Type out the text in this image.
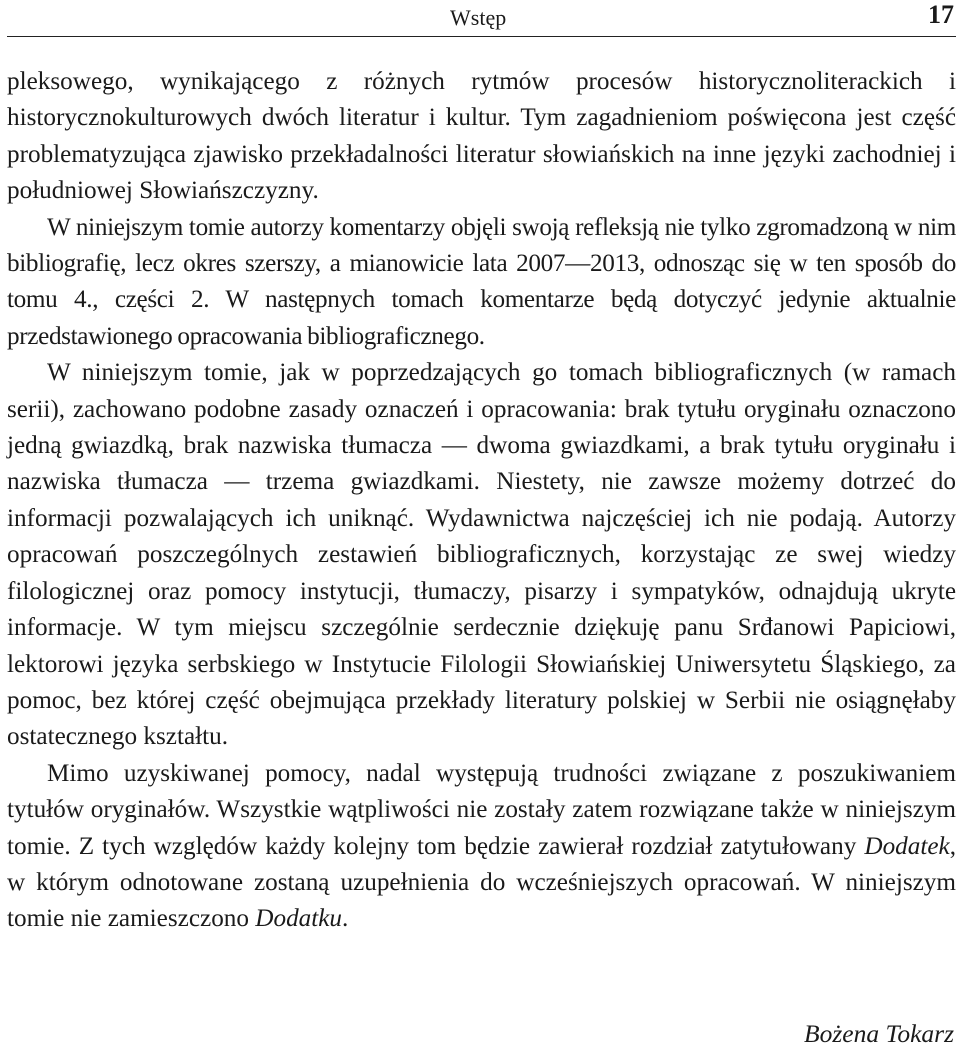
Wstęp	17

pleksowego, wynikającego z różnych rytmów procesów historycznoliterackich i historycznokulturowych dwóch literatur i kultur. Tym zagadnieniom poświęcona jest część problematyzująca zjawisko przekładalności literatur słowiańskich na inne języki zachodniej i południowej Słowiańszczyzny.

W niniejszym tomie autorzy komentarzy objęli swoją refleksją nie tylko zgromadzoną w nim bibliografię, lecz okres szerszy, a mianowicie lata 2007—2013, odnosząc się w ten sposób do tomu 4., części 2. W następnych tomach komentarze będą dotyczyć jedynie aktualnie przedstawionego opracowania bibliograficznego.

W niniejszym tomie, jak w poprzedzających go tomach bibliograficznych (w ramach serii), zachowano podobne zasady oznaczeń i opracowania: brak tytułu oryginału oznaczono jedną gwiazdką, brak nazwiska tłumacza — dwoma gwiazdkami, a brak tytułu oryginału i nazwiska tłumacza — trzema gwiazdkami. Niestety, nie zawsze możemy dotrzeć do informacji pozwalających ich uniknąć. Wydawnictwa najczęściej ich nie podają. Autorzy opracowań poszczególnych zestawień bibliograficznych, korzystając ze swej wiedzy filologicznej oraz pomocy instytucji, tłumaczy, pisarzy i sympatyków, odnajdują ukryte informacje. W tym miejscu szczególnie serdecznie dziękuję panu Srđanowi Papiciowi, lektorowi języka serbskiego w Instytucie Filologii Słowiańskiej Uniwersytetu Śląskiego, za pomoc, bez której część obejmująca przekłady literatury polskiej w Serbii nie osiągnęłaby ostatecznego kształtu.

Mimo uzyskiwanej pomocy, nadal występują trudności związane z poszukiwaniem tytułów oryginałów. Wszystkie wątpliwości nie zostały zatem rozwiązane także w niniejszym tomie. Z tych względów każdy kolejny tom będzie zawierał rozdział zatytułowany Dodatek, w którym odnotowane zostaną uzupełnienia do wcześniejszych opracowań. W niniejszym tomie nie zamieszczono Dodatku.

Bożena Tokarz
